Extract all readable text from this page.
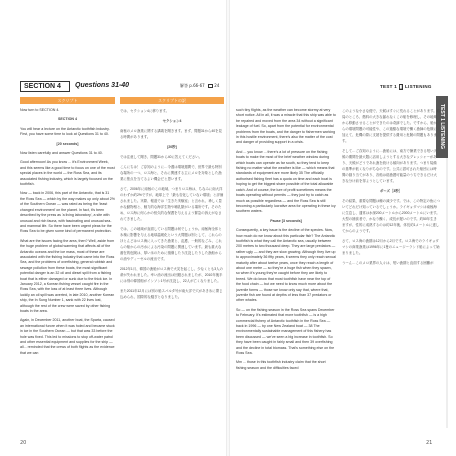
SECTION 4	Questions 31-40	解答 p.66-67 24
スクリプト	スクリプトの訳

Now turn to SECTION 4.

SECTION 4

You will hear a lecture on the Antarctic toothfish industry. First, you have some time to look at Questions 31 to 40.

[20 seconds]

Now listen carefully and answer Questions 31 to 40.

Good afternoon! As you know ... it's Environment Week, and this seems like a good time to focus on one of the most special places in the world — the Ross Sea, and its associated fishing industry, which is largely focused on the toothfish.

Now — back in 2006, this part of the Antarctic, that is 31 the Ross Sea — which by the way makes up only about 2% of the Southern Ocean — was rated as being the 'least changed environment' on the planet. In fact, it's been described by the press as 'a living laboratory', a site with unusual and rich fauna, with fascinating and unusual sea- and mammal life. So there have been urgent pleas for the Ross Sea to be given some kind of permanent protection.

What are the issues facing the area, then? Well, aside from the huge problem of global warming that affects all of the Antarctic oceans and the ice mass, most of these are associated with the fishing industry that came into the Ross Sea, and the problems of overfishing, general rubbish and sewage pollution from these boats, the most significant potential danger is an 32 oil and diesel spill from a fishing boat that is either damaged or sunk due to the thick ice. In January 2012, a Korean fishing vessel caught fire in the Ross Sea, with the loss of at least three lives. Although luckily an oil spill was averted, in late 2010, another Korean ship, the In Sung Number 1, sank with 22 lives lost, although the rest of the crew were saved by other fishing boats in the area.

Again, in December 2011, another boat, the Sparta, caused an international furore when it was holed and became stuck in ice in the Southern Ocean — but that was 33 before the hole was fixed. This led to missions to stop off-water patrol and other essential equipment and supplies for the ship — all... reminded that the crews of both flights as the evidence that we can

では、セクション4に移ります。

セクション4

南極のメロ漁業に関する講義を聞きます。まず、問題31から40を見る時間があります。

[20秒]

では注意して聞き、問題31から40に答えてください。

こんにちは！ご存知のように…今週は環境週間で、世界で最も特別な場所の一つ、ロス海と、それに関連する主にメロを対象とした漁業に焦点を当てるよい機会だと思います。

さて、2006年に南極のこの地域、つまりロス海は、ちなみに南大洋のわずか約2%ですが、地球上で「最も変化していない環境」と評価されました。実際、報道では「生きた実験室」と言われ、珍しく豊かな動物相と、魅力的な海洋生物や哺乳類がいる場所です。そのため、ロス海に何らかの恒久的な保護を与えるよう緊急の訴えがなされてきました。

では、この地域が直面している問題は何でしょうか。南極海全体と氷塊に影響を与える地球温暖化という大問題は別として、これらのほとんどはロス海に入ってきた漁業と、乱獲、一般的なごみ、これらの船からの汚水による汚染の問題に関連しています。最も重大な潜在的危険は、厚い氷のために損傷したり沈没したりした漁船からの油やディーゼルの流出です。

2012年1月、韓国の漁船がロス海で火災を起こし、少なくとも3人の命が失われました。幸い油の流出は回避されましたが、2010年後半には別の韓国船がインソン1号が沈没し、22人が亡くなりました。

また2011年12月には別の船スパルタ号が南大洋で穴があき氷に閉じ込められ、国際的な騒ぎとなりました。

20
TEST 1 ▮ LISTENING
TEST 1 LISTENING

such tiny flights, as the weather can become stormy at very short notice. All in all, it was a miracle that this ship was able to be repaired and moved from the area 34 without a significant leakage of fuel. So, apart from the potential for environmental problems from the boats, and the danger to fishermen working in this hostile environment, there's also the matter of the cost and danger of providing support in a crisis.

And ... you know ... there's a lot of pressure on the fishing boats to make the most of the brief weather window during which boats can operate as far south, so they tend to keep fishing no matter what the weather is like — which means that standards of equipment are more likely 35 The officially authorised fishing fleet has a quota on time and each boat is hoping to get the biggest share possible of the total allowable catch. And of course, the lure of profit sometimes means the boats operating without permits — they just try to catch as much as possible regardless — and the Ross Sea is still becoming a particularly lucrative area for operating in these icy southern waters.

Pause [3 seconds]

Consequently, a key issue is the decline of the species. Now, how much do we know about this particular fish? The Antarctic toothfish is what they call the Antarctic sea, usually between 200 metres to two thousand deep. They are large predators — rather ugly — and they are slow growing. Although they live up to approximately 36 fifty years, it seems they only reach sexual maturity after about twelve years, once they reach a length of about one metre — so they're a huge fish when they spawn, so when it's young they're caught before they are likely to breed. We do know that most toothfish have near the top of the food chain — but we need to know much more about the juvenile forms — those we know only say that, where that, juvenile fish are found at depths of less than 37 predators or other whales.

So — on the fishing season in the Ross Sea spans December to February. It's estimated that more toothfish — is a high commercial fishery of Antarctic toothfish in the Ross Sea — back in 1996 — by one New Zealand boat — 38 The environmentally sustainable management of this fishery has been discussed — we've seen a big increase in toothfish. So they have been caught in fairly small and then 39 overfishing and the decline in total biomass. That's something else on the Ross Sea.

Mm ... those in this toothfish industry claim that the short fishing season and the difficulties faced

このような小さな便で、天候はすぐに荒れることがあります。結局のところ、燃料の大きな漏れなくこの船を修理し、その地域から移動させることができたのは奇跡でした。ですから、船からの環境問題の可能性や、この過酷な環境で働く漁師の危険に加えて、危機の際に支援を提供する費用と危険の問題もあります。

そして…ご存知のように…漁船には、南方で操業できる短い天候の期間を最大限に活用しようとする大きなプレッシャーがあり、天候がどうであれ漁を続ける傾向があります。つまり装備の基準が低くなりがちなのです。公式に認可された船団には時間の割り当てがあり、各船は総漁獲可能量のうちできるだけ大きな分け前を得ようとしています。

ポーズ［3秒］

その結果、重要な問題は種の減少です。では、この特定の魚についてどれだけ知っているでしょうか。ライギョダマシは南極海に生息し、通常は水深200メートルから2000メートルにいます。大型の捕食者で、かなり醜く、成長が遅いのです。約50年生きますが、性的に成熟するのは約12年後、体長約1メートルに達してからのようです。

さて、ロス海の漁期は12月から2月です。ロス海でのライギョダマシの商業漁業は1996年に1隻のニュージーランド船によって始まりました。

うーん…このメロ業界の人々は、短い漁期と直面する困難が

21
